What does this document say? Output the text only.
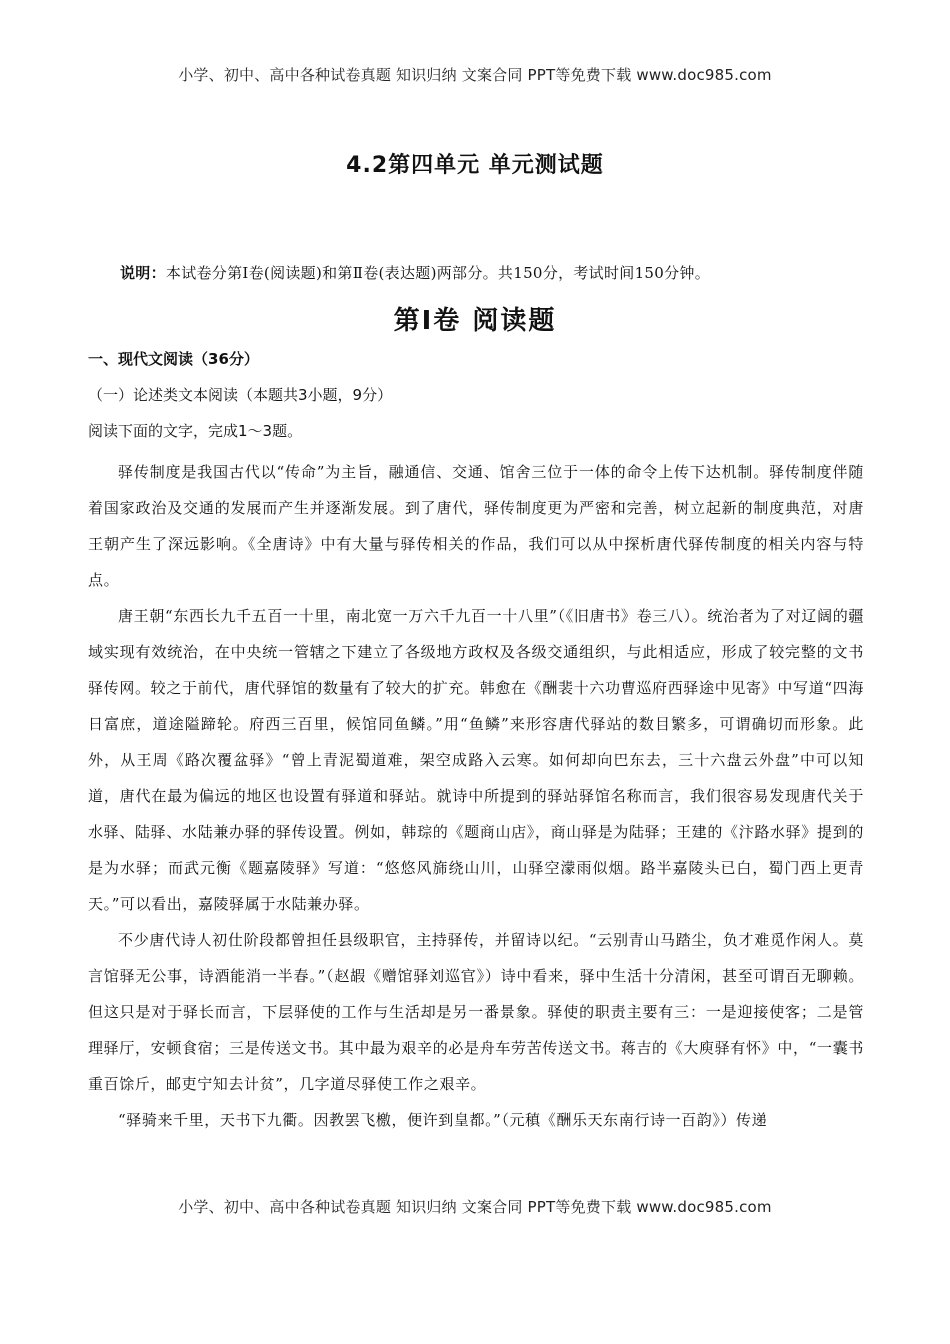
小学、初中、高中各种试卷真题 知识归纳 文案合同 PPT等免费下载 www.doc985.com
4.2第四单元 单元测试题
说明：本试卷分第Ⅰ卷(阅读题)和第Ⅱ卷(表达题)两部分。共150分，考试时间150分钟。
第Ⅰ卷 阅读题
一、现代文阅读（36分）
（一）论述类文本阅读（本题共3小题，9分）
阅读下面的文字，完成1～3题。

驿传制度是我国古代以“传命”为主旨，融通信、交通、馆舍三位于一体的命令上传下达机制。驿传制度伴随着国家政治及交通的发展而产生并逐渐发展。到了唐代，驿传制度更为严密和完善，树立起新的制度典范，对唐王朝产生了深远影响。《全唐诗》中有大量与驿传相关的作品，我们可以从中探析唐代驿传制度的相关内容与特点。

唐王朝“东西长九千五百一十里，南北宽一万六千九百一十八里”（《旧唐书》卷三八）。统治者为了对辽阔的疆域实现有效统治，在中央统一管辖之下建立了各级地方政权及各级交通组织，与此相适应，形成了较完整的文书驿传网。较之于前代，唐代驿馆的数量有了较大的扩充。韩愈在《酬裴十六功曹巡府西驿途中见寄》中写道“四海日富庶，道途隘蹄轮。府西三百里，候馆同鱼鳞。”用“鱼鳞”来形容唐代驿站的数目繁多，可谓确切而形象。此外，从王周《路次覆盆驿》“曾上青泥蜀道难，架空成路入云寒。如何却向巴东去，三十六盘云外盘”中可以知道，唐代在最为偏远的地区也设置有驿道和驿站。就诗中所提到的驿站驿馆名称而言，我们很容易发现唐代关于水驿、陆驿、水陆兼办驿的驿传设置。例如，韩琮的《题商山店》，商山驿是为陆驿；王建的《汴路水驿》提到的是为水驿；而武元衡《题嘉陵驿》写道：“悠悠风旆绕山川，山驿空濛雨似烟。路半嘉陵头已白，蜀门西上更青天。”可以看出，嘉陵驿属于水陆兼办驿。

不少唐代诗人初仕阶段都曾担任县级职官，主持驿传，并留诗以纪。“云别青山马踏尘，负才难觅作闲人。莫言馆驿无公事，诗酒能消一半春。”（赵嘏《赠馆驿刘巡官》）诗中看来，驿中生活十分清闲，甚至可谓百无聊赖。但这只是对于驿长而言，下层驿使的工作与生活却是另一番景象。驿使的职责主要有三：一是迎接使客；二是管理驿厅，安顿食宿；三是传送文书。其中最为艰辛的必是舟车劳苦传送文书。蒋吉的《大庾驿有怀》中，“一囊书重百馀斤，邮吏宁知去计贫”，几字道尽驿使工作之艰辛。

“驿骑来千里，天书下九衢。因教罢飞檄，便许到皇都。”（元稹《酬乐天东南行诗一百韵》）传递

小学、初中、高中各种试卷真题 知识归纳 文案合同 PPT等免费下载 www.doc985.com
